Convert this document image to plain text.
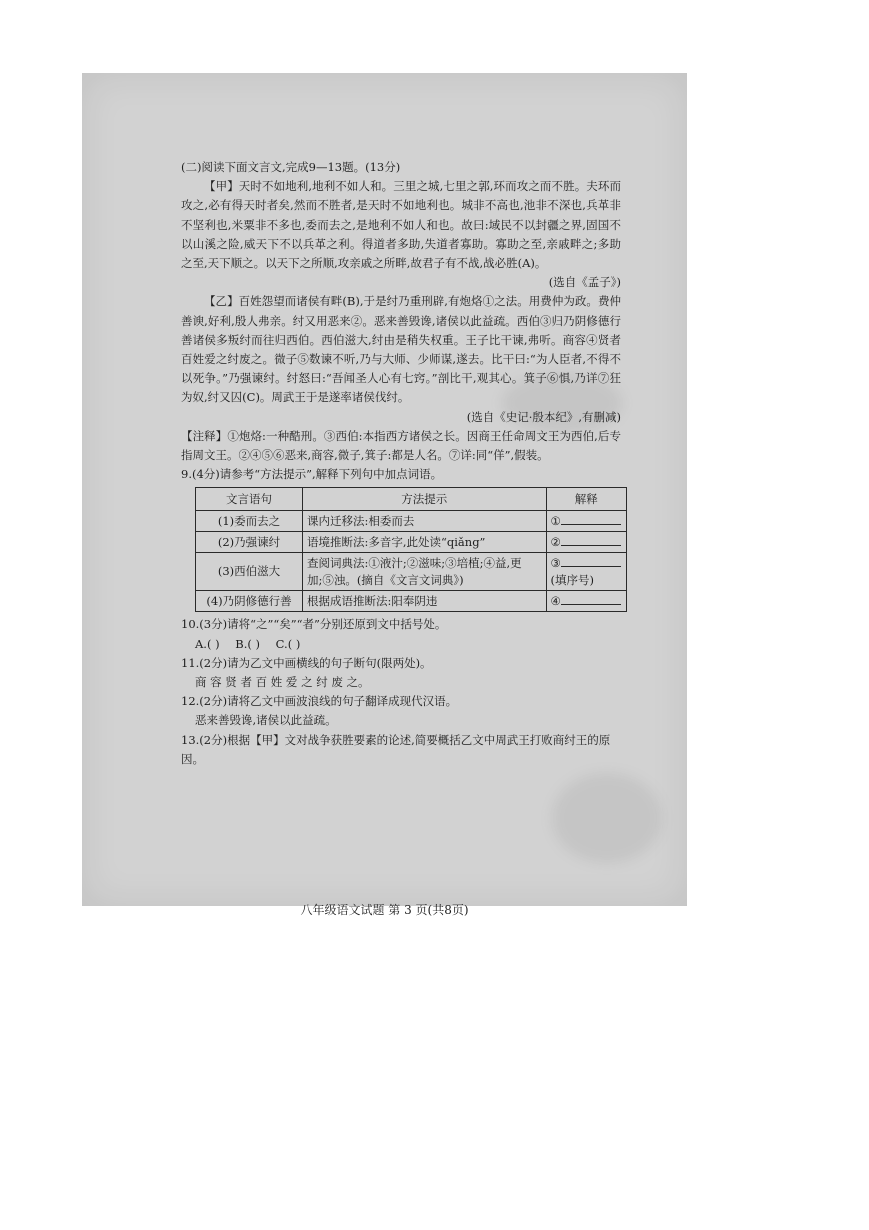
(二)阅读下面文言文,完成9—13题。(13分)

【甲】天时不如地利,地利不如人和。三里之城,七里之郭,环而攻之而不胜。夫环而攻之,必有得天时者矣,然而不胜者,是天时不如地利也。城非不高也,池非不深也,兵革非不坚利也,米粟非不多也,委而去之,是地利不如人和也。故曰:域民不以封疆之界,固国不以山溪之险,威天下不以兵革之利。得道者多助,失道者寡助。寡助之至,亲戚畔之;多助之至,天下顺之。以天下之所顺,攻亲戚之所畔,故君子有不战,战必胜(A)。

(选自《孟子》)

【乙】百姓怨望而诸侯有畔(B),于是纣乃重刑辟,有炮烙①之法。用费仲为政。费仲善谀,好利,殷人弗亲。纣又用恶来②。恶来善毁谗,诸侯以此益疏。西伯③归乃阴修德行善诸侯多叛纣而往归西伯。西伯滋大,纣由是稍失权重。王子比干谏,弗听。商容④贤者百姓爱之纣废之。微子⑤数谏不听,乃与大师、少师谋,遂去。比干曰:“为人臣者,不得不以死争。”乃强谏纣。纣怒曰:“吾闻圣人心有七窍。”剖比干,观其心。箕子⑥惧,乃详⑦狂为奴,纣又囚(C)。周武王于是遂率诸侯伐纣。

(选自《史记·殷本纪》,有删减)

【注释】①炮烙:一种酷刑。③西伯:本指西方诸侯之长。因商王任命周文王为西伯,后专指周文王。②④⑤⑥恶来,商容,微子,箕子:都是人名。⑦详:同“佯”,假装。

9.(4分)请参考“方法提示”,解释下列句中加点词语。

文言语句	方法提示	解释
(1)委而去之	课内迁移法:相委而去	①
(2)乃强谏纣	语境推断法:多音字,此处读“qiǎng”	②
(3)西伯滋大	查阅词典法:①液汁;②滋味;③培植;④益,更加;⑤浊。(摘自《文言文词典》)	③
(填序号)
(4)乃阴修德行善	根据成语推断法:阳奉阴违	④

10.(3分)请将“之”“矣”“者”分别还原到文中括号处。

A.( ) B.( ) C.( )

11.(2分)请为乙文中画横线的句子断句(限两处)。

商 容 贤 者 百 姓 爱 之 纣 废 之。

12.(2分)请将乙文中画波浪线的句子翻译成现代汉语。

恶来善毁谗,诸侯以此益疏。

13.(2分)根据【甲】文对战争获胜要素的论述,简要概括乙文中周武王打败商纣王的原因。

八年级语文试题 第 3 页(共8页)
